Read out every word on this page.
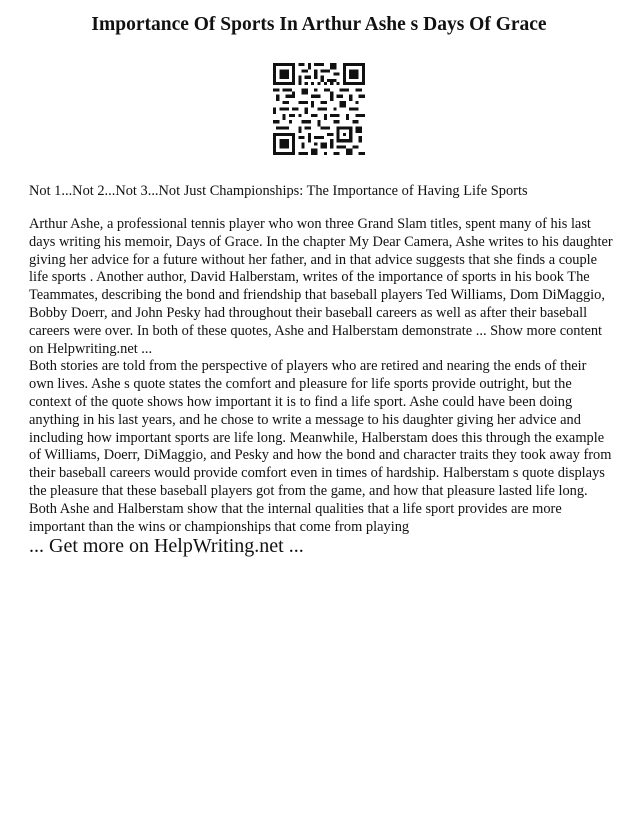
Importance Of Sports In Arthur Ashe s Days Of Grace

Not 1...Not 2...Not 3...Not Just Championships: The Importance of Having Life Sports

Arthur Ashe, a professional tennis player who won three Grand Slam titles, spent many of his last days writing his memoir, Days of Grace. In the chapter My Dear Camera, Ashe writes to his daughter giving her advice for a future without her father, and in that advice suggests that she finds a couple life sports . Another author, David Halberstam, writes of the importance of sports in his book The Teammates, describing the bond and friendship that baseball players Ted Williams, Dom DiMaggio, Bobby Doerr, and John Pesky had throughout their baseball careers as well as after their baseball careers were over. In both of these quotes, Ashe and Halberstam demonstrate ... Show more content on Helpwriting.net ...

Both stories are told from the perspective of players who are retired and nearing the ends of their own lives. Ashe s quote states the comfort and pleasure for life sports provide outright, but the context of the quote shows how important it is to find a life sport. Ashe could have been doing anything in his last years, and he chose to write a message to his daughter giving her advice and including how important sports are life long. Meanwhile, Halberstam does this through the example of Williams, Doerr, DiMaggio, and Pesky and how the bond and character traits they took away from their baseball careers would provide comfort even in times of hardship. Halberstam s quote displays the pleasure that these baseball players got from the game, and how that pleasure lasted life long. Both Ashe and Halberstam show that the internal qualities that a life sport provides are more important than the wins or championships that come from playing

... Get more on HelpWriting.net ...
